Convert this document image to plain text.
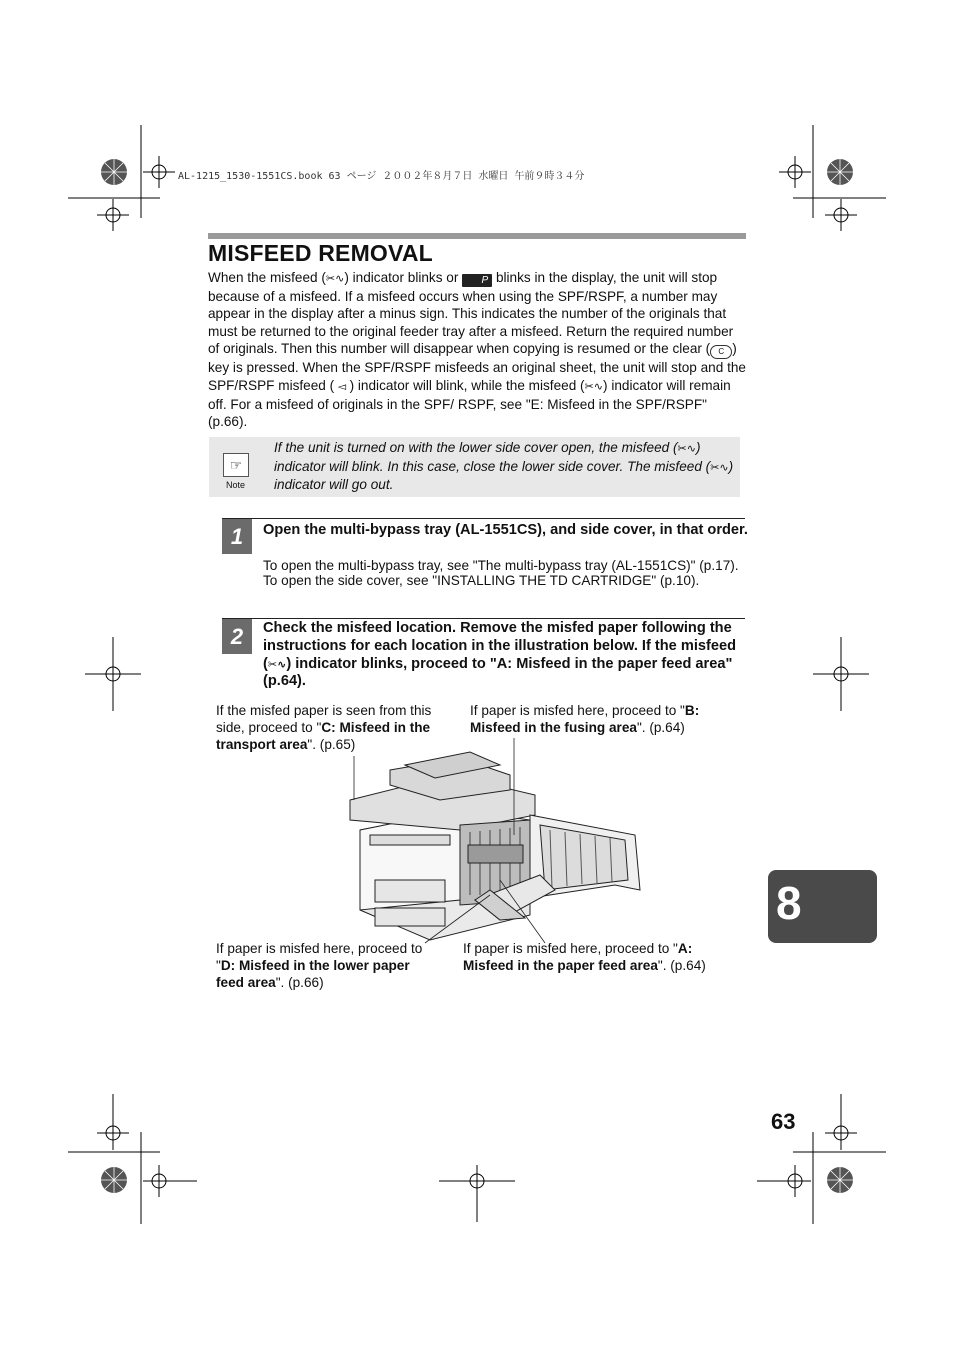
AL-1215_1530-1551CS.book 63 ページ ２００２年８月７日 水曜日 午前９時３４分
MISFEED REMOVAL
When the misfeed (✂∿) indicator blinks or P blinks in the display, the unit will stop because of a misfeed. If a misfeed occurs when using the SPF/RSPF, a number may appear in the display after a minus sign. This indicates the number of the originals that must be returned to the original feeder tray after a misfeed. Return the required number of originals. Then this number will disappear when copying is resumed or the clear ( C ) key is pressed. When the SPF/RSPF misfeeds an original sheet, the unit will stop and the SPF/RSPF misfeed ( ◅ ) indicator will blink, while the misfeed (✂∿) indicator will remain off. For a misfeed of originals in the SPF/ RSPF, see "E: Misfeed in the SPF/RSPF" (p.66).
☞
Note
If the unit is turned on with the lower side cover open, the misfeed (✂∿) indicator will blink. In this case, close the lower side cover. The misfeed (✂∿) indicator will go out.
1	Open the multi-bypass tray (AL-1551CS), and side cover, in that order.
To open the multi-bypass tray, see "The multi-bypass tray (AL-1551CS)" (p.17). To open the side cover, see "INSTALLING THE TD CARTRIDGE" (p.10).
2	Check the misfeed location. Remove the misfed paper following the instructions for each location in the illustration below. If the misfeed (✂∿) indicator blinks, proceed to "A: Misfeed in the paper feed area" (p.64).
If the misfed paper is seen from this side, proceed to "C: Misfeed in the transport area". (p.65)
If paper is misfed here, proceed to "B: Misfeed in the fusing area". (p.64)
If paper is misfed here, proceed to "D: Misfeed in the lower paper feed area". (p.66)
If paper is misfed here, proceed to "A: Misfeed in the paper feed area". (p.64)
8
63
